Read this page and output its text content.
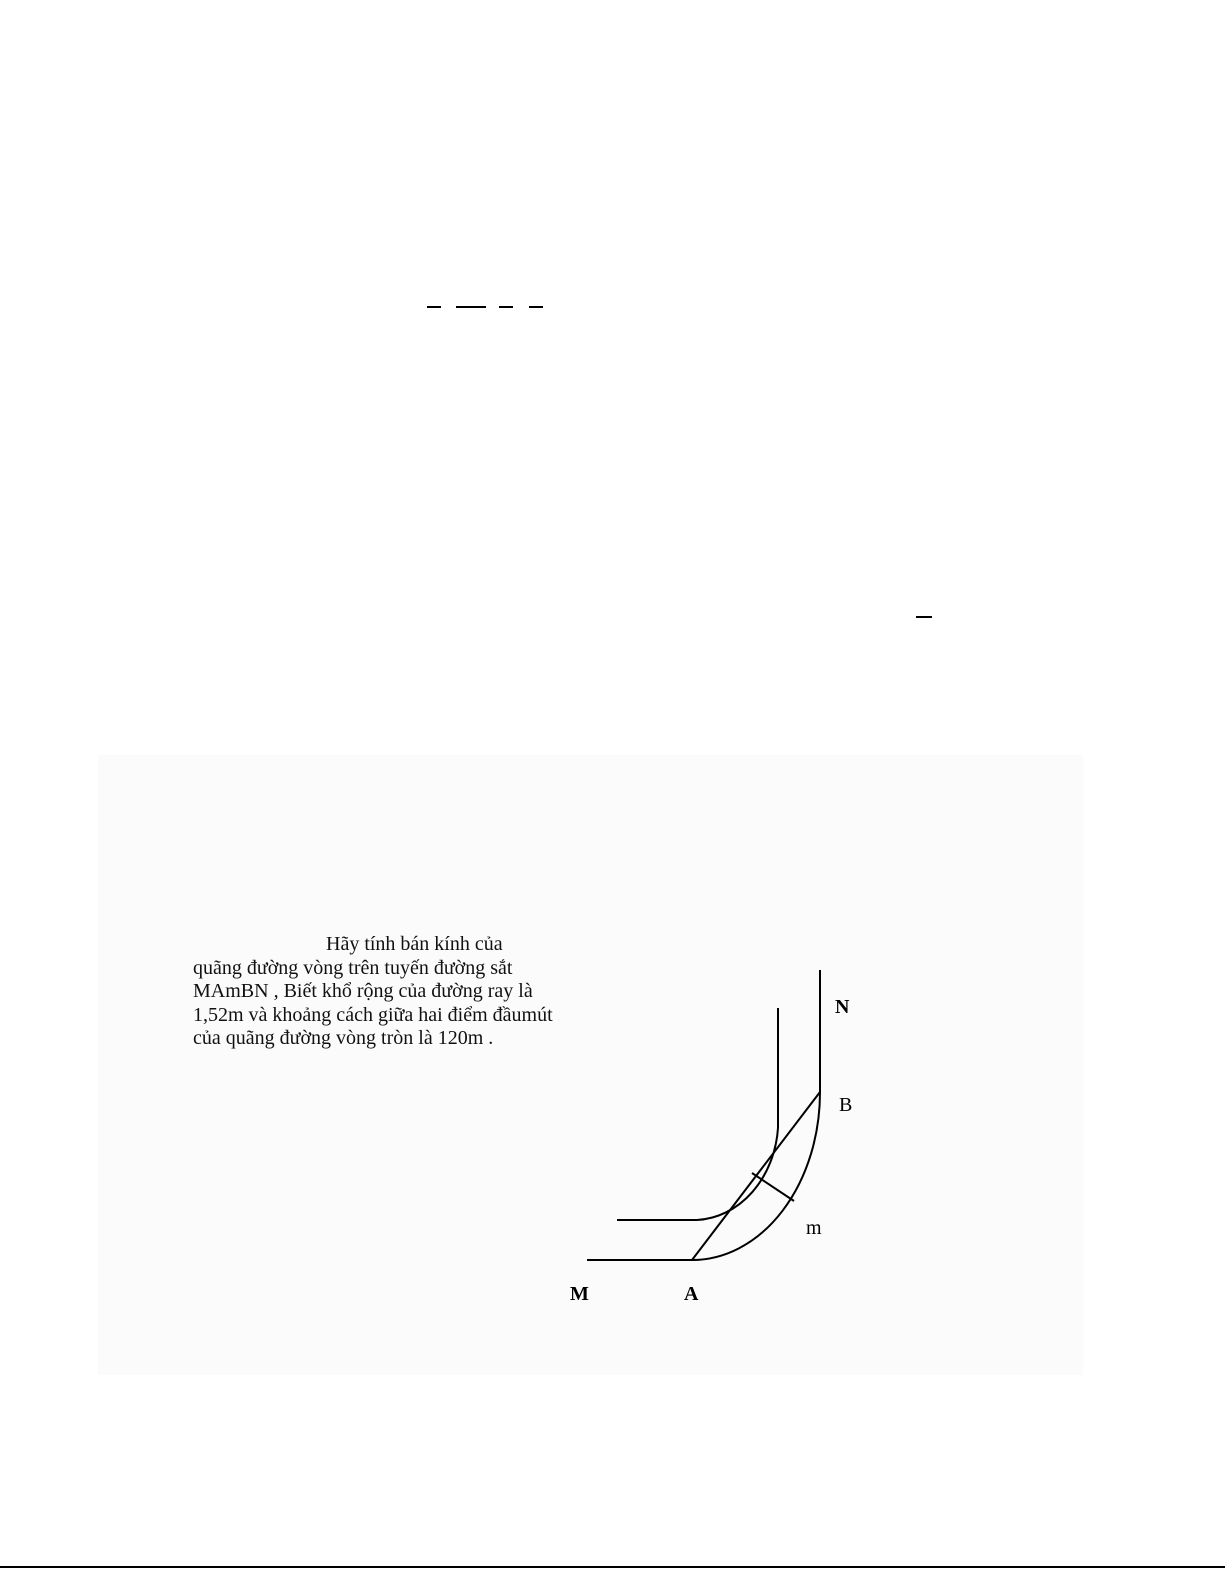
Hãy tính bán kính của quãng đường vòng trên tuyến đường sắt MAmBN , Biết khổ rộng của đường ray là 1,52m và khoảng cách giữa hai điểm đầumút của quãng đường vòng tròn là 120m .
N
B
m
M	A
